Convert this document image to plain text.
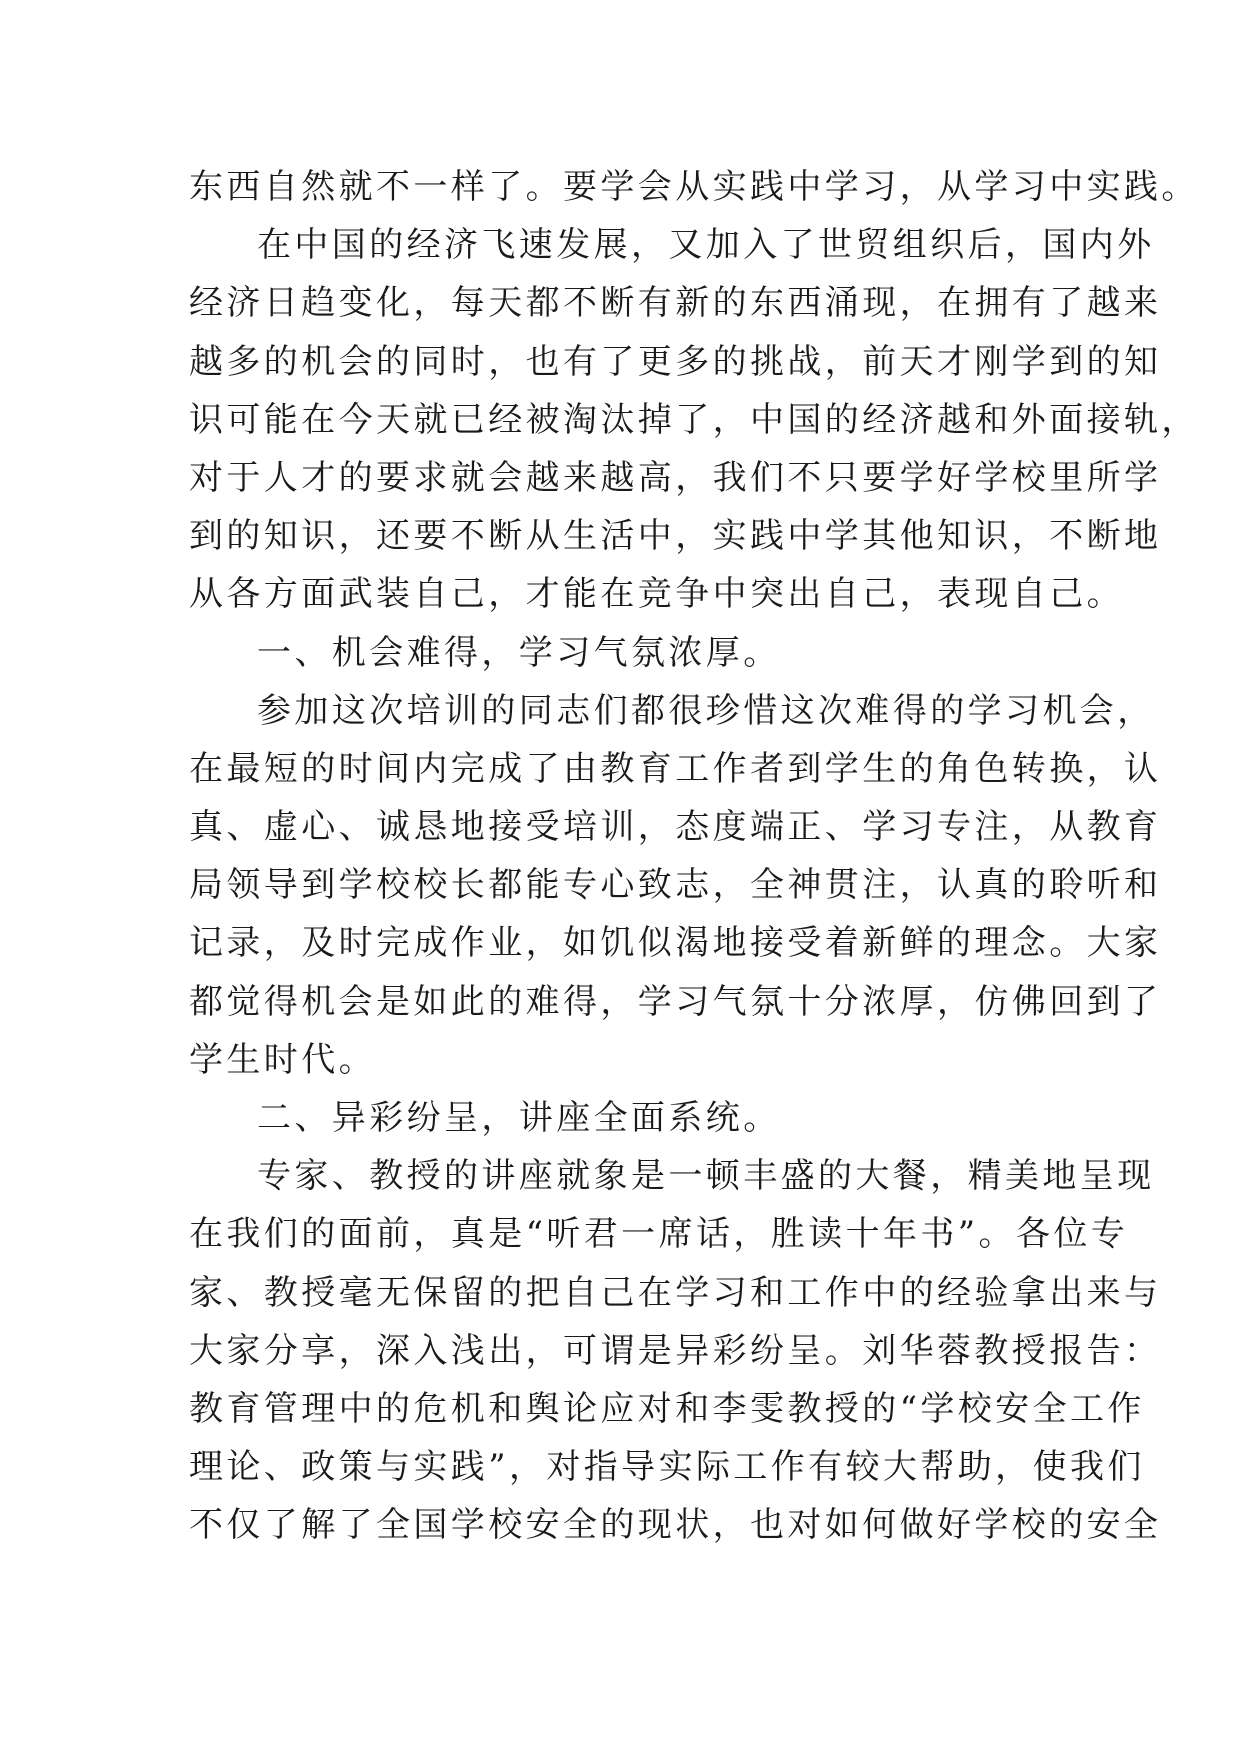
东西自然就不一样了。要学会从实践中学习，从学习中实践。
在中国的经济飞速发展，又加入了世贸组织后，国内外
经济日趋变化，每天都不断有新的东西涌现，在拥有了越来
越多的机会的同时，也有了更多的挑战，前天才刚学到的知
识可能在今天就已经被淘汰掉了，中国的经济越和外面接轨，
对于人才的要求就会越来越高，我们不只要学好学校里所学
到的知识，还要不断从生活中，实践中学其他知识，不断地
从各方面武装自己，才能在竞争中突出自己，表现自己。
一、机会难得，学习气氛浓厚。
参加这次培训的同志们都很珍惜这次难得的学习机会，
在最短的时间内完成了由教育工作者到学生的角色转换，认
真、虚心、诚恳地接受培训，态度端正、学习专注，从教育
局领导到学校校长都能专心致志，全神贯注，认真的聆听和
记录，及时完成作业，如饥似渴地接受着新鲜的理念。大家
都觉得机会是如此的难得，学习气氛十分浓厚，仿佛回到了
学生时代。
二、异彩纷呈，讲座全面系统。
专家、教授的讲座就象是一顿丰盛的大餐，精美地呈现
在我们的面前，真是“听君一席话，胜读十年书”。各位专
家、教授毫无保留的把自己在学习和工作中的经验拿出来与
大家分享，深入浅出，可谓是异彩纷呈。刘华蓉教授报告：
教育管理中的危机和舆论应对和李雯教授的“学校安全工作
理论、政策与实践”，对指导实际工作有较大帮助，使我们
不仅了解了全国学校安全的现状，也对如何做好学校的安全
